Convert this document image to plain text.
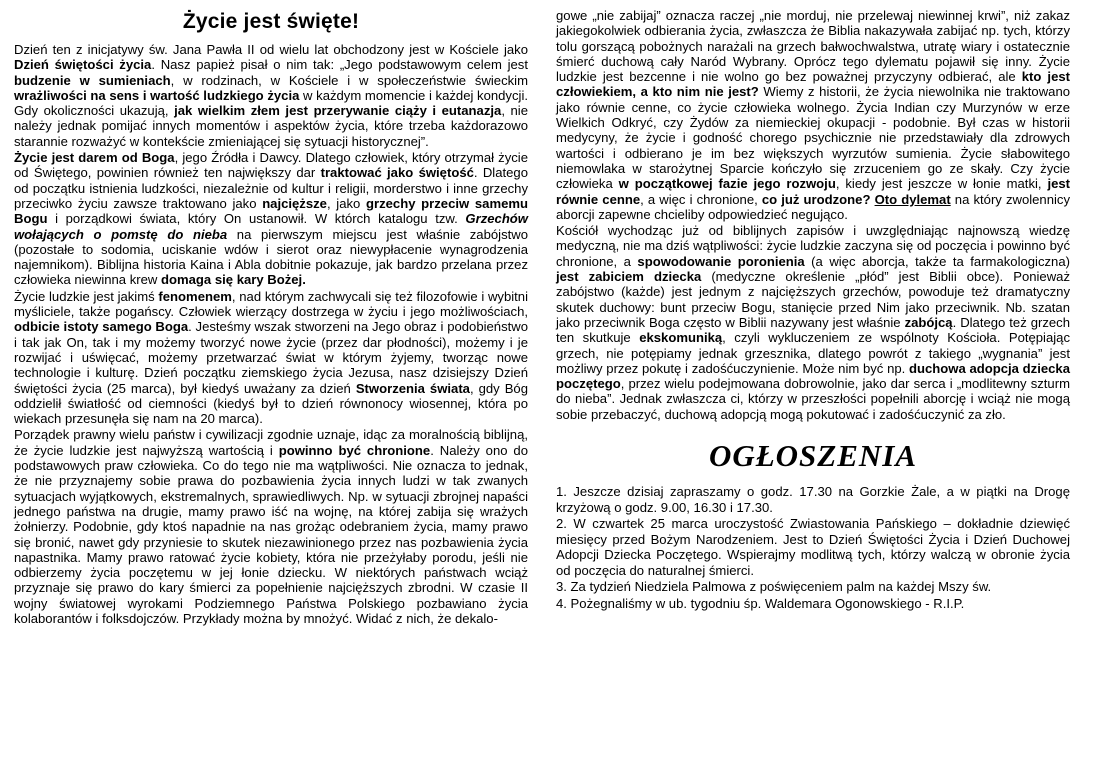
Życie jest święte!

Dzień ten z inicjatywy św. Jana Pawła II od wielu lat obchodzony jest w Kościele jako Dzień świętości życia. Nasz papież pisał o nim tak: „Jego podstawowym celem jest budzenie w sumieniach, w rodzinach, w Kościele i w społeczeństwie świeckim wrażliwości na sens i wartość ludzkiego życia w każdym momencie i każdej kondycji. Gdy okoliczności ukazują, jak wielkim złem jest przerywanie ciąży i eutanazja, nie należy jednak pomijać innych momentów i aspektów życia, które trzeba każdorazowo starannie rozważyć w kontekście zmieniającej się sytuacji historycznej”.

Życie jest darem od Boga, jego Źródła i Dawcy. Dlatego człowiek, który otrzymał życie od Świętego, powinien również ten największy dar traktować jako świętość. Dlatego od początku istnienia ludzkości, niezależnie od kultur i religii, morderstwo i inne grzechy przeciwko życiu zawsze traktowano jako najcięższe, jako grzechy przeciw samemu Bogu i porządkowi świata, który On ustanowił. W którch katalogu tzw. Grzechów wołających o pomstę do nieba na pierwszym miejscu jest właśnie zabójstwo (pozostałe to sodomia, uciskanie wdów i sierot oraz niewypłacenie wynagrodzenia najemnikom). Biblijna historia Kaina i Abla dobitnie pokazuje, jak bardzo przelana przez człowieka niewinna krew domaga się kary Bożej.

Życie ludzkie jest jakimś fenomenem, nad którym zachwycali się też filozofowie i wybitni myśliciele, także pogańscy. Człowiek wierzący dostrzega w życiu i jego możliwościach, odbicie istoty samego Boga. Jesteśmy wszak stworzeni na Jego obraz i podobieństwo i tak jak On, tak i my możemy tworzyć nowe życie (przez dar płodności), możemy i je rozwijać i uświęcać, możemy przetwarzać świat w którym żyjemy, tworząc nowe technologie i kulturę. Dzień początku ziemskiego życia Jezusa, nasz dzisiejszy Dzień świętości życia (25 marca), był kiedyś uważany za dzień Stworzenia świata, gdy Bóg oddzielił światłość od ciemności (kiedyś był to dzień równonocy wiosennej, która po wiekach przesunęła się nam na 20 marca).

Porządek prawny wielu państw i cywilizacji zgodnie uznaje, idąc za moralnością biblijną, że życie ludzkie jest najwyższą wartością i powinno być chronione. Należy ono do podstawowych praw człowieka. Co do tego nie ma wątpliwości. Nie oznacza to jednak, że nie przyznajemy sobie prawa do pozbawienia życia innych ludzi w tak zwanych sytuacjach wyjątkowych, ekstremalnych, sprawiedliwych. Np. w sytuacji zbrojnej napaści jednego państwa na drugie, mamy prawo iść na wojnę, na której zabija się wrażych żołnierzy. Podobnie, gdy ktoś napadnie na nas grożąc odebraniem życia, mamy prawo się bronić, nawet gdy przyniesie to skutek niezawinionego przez nas pozbawienia życia napastnika. Mamy prawo ratować życie kobiety, która nie przeżyłaby porodu, jeśli nie odbierzemy życia poczętemu w jej łonie dziecku. W niektórych państwach wciąż przyznaje się prawo do kary śmierci za popełnienie najcięższych zbrodni. W czasie II wojny światowej wyrokami Podziemnego Państwa Polskiego pozbawiano życia kolaborantów i folksdojczów. Przykłady można by mnożyć. Widać z nich, że dekalo-

gowe „nie zabijaj” oznacza raczej „nie morduj, nie przelewaj niewinnej krwi”, niż zakaz jakiegokolwiek odbierania życia, zwłaszcza że Biblia nakazywała zabijać np. tych, którzy tolu gorszącą pobożnych narażali na grzech bałwochwalstwa, utratę wiary i ostatecznie śmierć duchową cały Naród Wybrany. Oprócz tego dylematu pojawił się inny. Życie ludzkie jest bezcenne i nie wolno go bez poważnej przyczyny odbierać, ale kto jest człowiekiem, a kto nim nie jest? Wiemy z historii, że życia niewolnika nie traktowano jako równie cenne, co życie człowieka wolnego. Życia Indian czy Murzynów w erze Wielkich Odkryć, czy Żydów za niemieckiej okupacji - podobnie. Był czas w historii medycyny, że życie i godność chorego psychicznie nie przedstawiały dla zdrowych wartości i odbierano je im bez większych wyrzutów sumienia. Życie słabowitego niemowlaka w starożytnej Sparcie kończyło się zrzuceniem go ze skały. Czy życie człowieka w początkowej fazie jego rozwoju, kiedy jest jeszcze w łonie matki, jest równie cenne, a więc i chronione, co już urodzone? Oto dylemat na który zwolennicy aborcji zapewne chcieliby odpowiedzieć negująco.

Kościół wychodząc już od biblijnych zapisów i uwzględniając najnowszą wiedzę medyczną, nie ma dziś wątpliwości: życie ludzkie zaczyna się od poczęcia i powinno być chronione, a spowodowanie poronienia (a więc aborcja, także ta farmakologiczna) jest zabiciem dziecka (medyczne określenie „płód” jest Biblii obce). Ponieważ zabójstwo (każde) jest jednym z najcięższych grzechów, powoduje też dramatyczny skutek duchowy: bunt przeciw Bogu, stanięcie przed Nim jako przeciwnik. Nb. szatan jako przeciwnik Boga często w Biblii nazywany jest właśnie zabójcą. Dlatego też grzech ten skutkuje ekskomuniką, czyli wykluczeniem ze wspólnoty Kościoła. Potępiając grzech, nie potępiamy jednak grzesznika, dlatego powrót z takiego „wygnania” jest możliwy przez pokutę i zadośćuczynienie. Może nim być np. duchowa adopcja dziecka poczętego, przez wielu podejmowana dobrowolnie, jako dar serca i „modlitewny szturm do nieba”. Jednak zwłaszcza ci, którzy w przeszłości popełnili aborcję i wciąż nie mogą sobie przebaczyć, duchową adopcją mogą pokutować i zadośćuczynić za zło.

OGŁOSZENIA

1. Jeszcze dzisiaj zapraszamy o godz. 17.30 na Gorzkie Żale, a w piątki na Drogę krzyżową o godz. 9.00, 16.30 i 17.30.

2. W czwartek 25 marca uroczystość Zwiastowania Pańskiego – dokładnie dziewięć miesięcy przed Bożym Narodzeniem. Jest to Dzień Świętości Życia i Dzień Duchowej Adopcji Dziecka Poczętego. Wspierajmy modlitwą tych, którzy walczą w obronie życia od poczęcia do naturalnej śmierci.

3. Za tydzień Niedziela Palmowa z poświęceniem palm na każdej Mszy św.

4. Pożegnaliśmy w ub. tygodniu śp. Waldemara Ogonowskiego - R.I.P.
